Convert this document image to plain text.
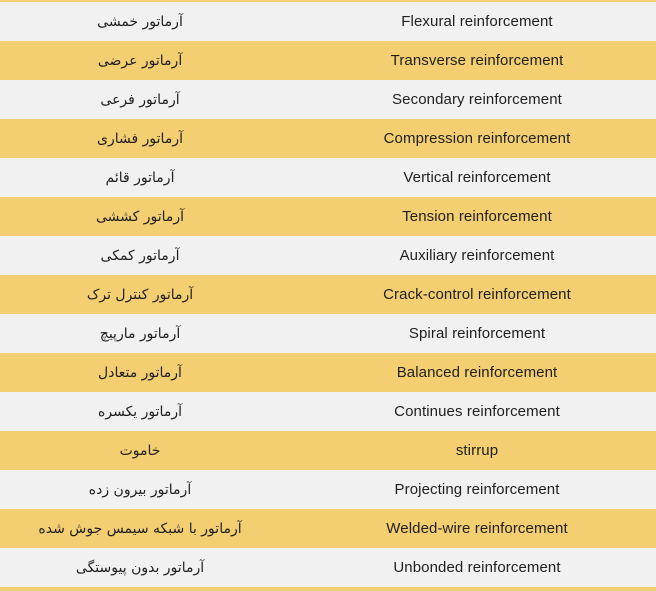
آرماتور خمشی	Flexural reinforcement
آرماتور عرضی	Transverse reinforcement
آرماتور فرعی	Secondary reinforcement
آرماتور فشاری	Compression reinforcement
آرماتور قائم	Vertical reinforcement
آرماتور کششی	Tension reinforcement
آرماتور کمکی	Auxiliary reinforcement
آرماتور کنترل ترک	Crack-control reinforcement
آرماتور مارپیچ	Spiral reinforcement
آرماتور متعادل	Balanced reinforcement
آرماتور یکسره	Continues reinforcement
خاموت	stirrup
آرماتور بیرون زده	Projecting reinforcement
آرماتور با شبکه سیمس جوش شده	Welded-wire reinforcement
آرماتور بدون پیوستگی	Unbonded reinforcement
